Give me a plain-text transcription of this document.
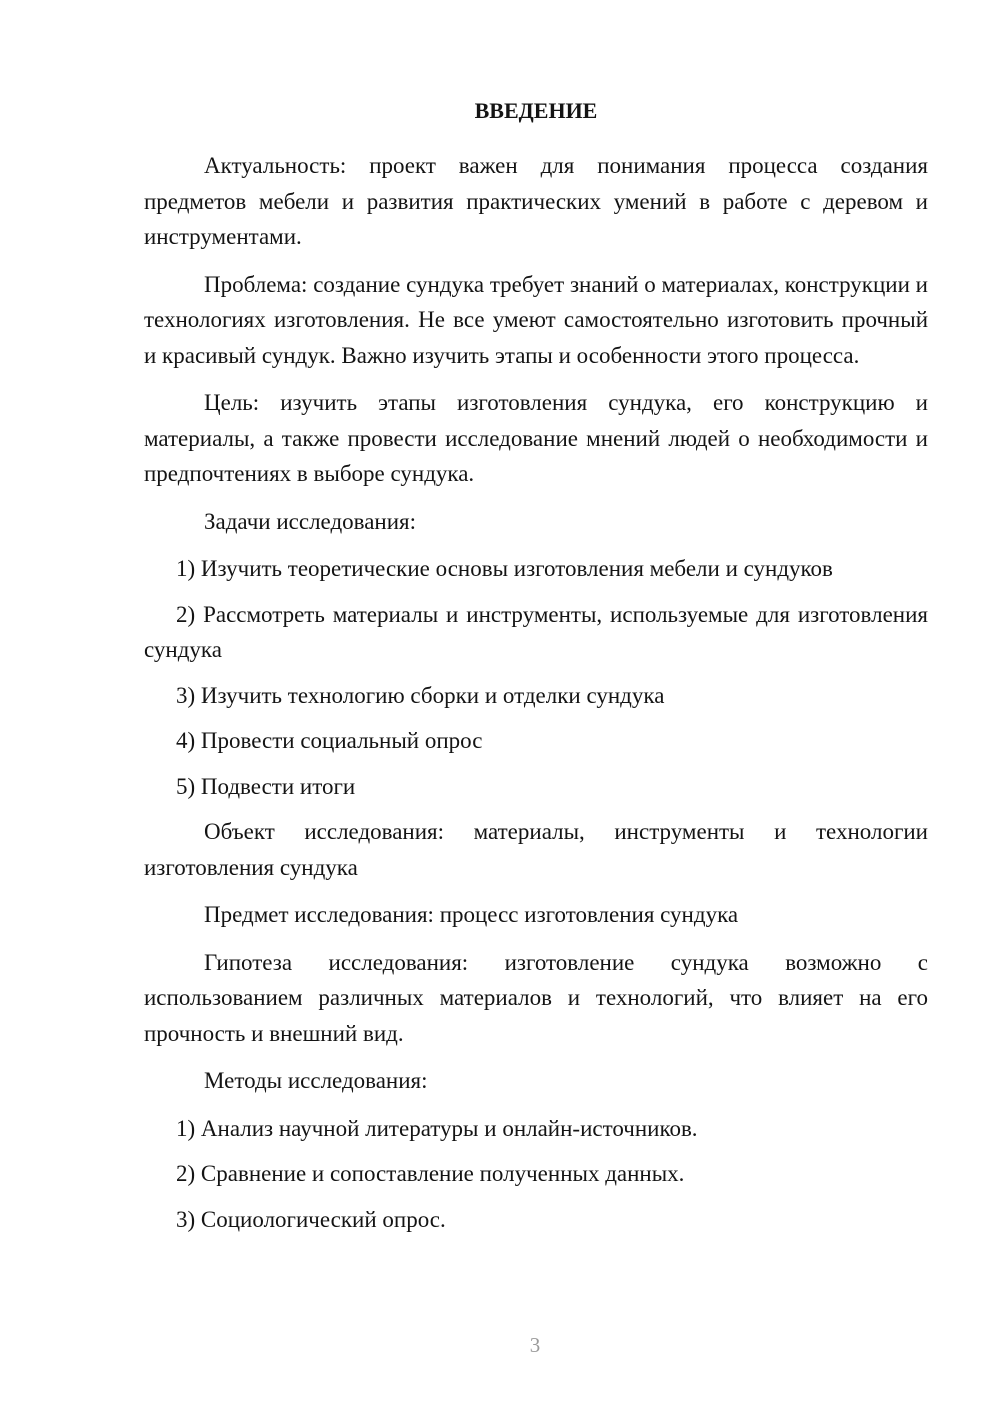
ВВЕДЕНИЕ

Актуальность: проект важен для понимания процесса создания предметов мебели и развития практических умений в работе с деревом и инструментами.

Проблема: создание сундука требует знаний о материалах, конструкции и технологиях изготовления. Не все умеют самостоятельно изготовить прочный и красивый сундук. Важно изучить этапы и особенности этого процесса.

Цель: изучить этапы изготовления сундука, его конструкцию и материалы, а также провести исследование мнений людей о необходимости и предпочтениях в выборе сундука.

Задачи исследования:

1) Изучить теоретические основы изготовления мебели и сундуков

2) Рассмотреть материалы и инструменты, используемые для изготовления сундука

3) Изучить технологию сборки и отделки сундука

4) Провести социальный опрос

5) Подвести итоги

Объект исследования: материалы, инструменты и технологии изготовления сундука

Предмет исследования: процесс изготовления сундука

Гипотеза исследования: изготовление сундука возможно с использованием различных материалов и технологий, что влияет на его прочность и внешний вид.

Методы исследования:

1) Анализ научной литературы и онлайн-источников.

2) Сравнение и сопоставление полученных данных.

3) Социологический опрос.

3
